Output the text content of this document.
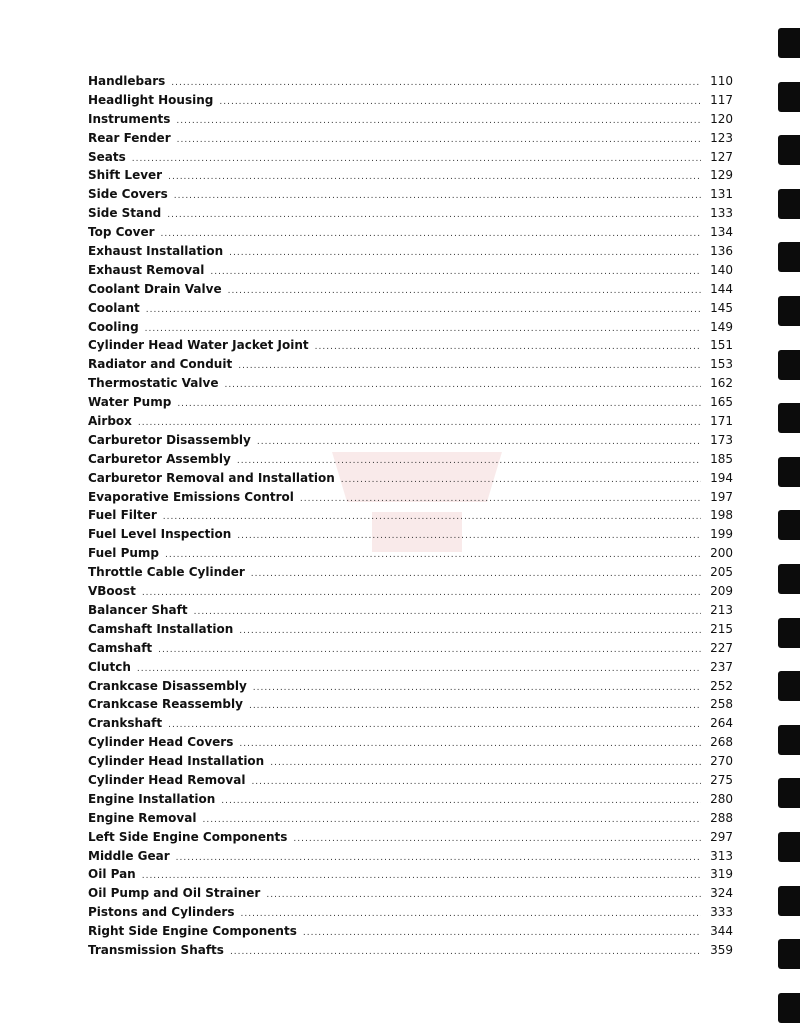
Handlebars .....	110
Headlight Housing .....	117
Instruments .....	120
Rear Fender .....	123
Seats .....	127
Shift Lever .....	129
Side Covers .....	131
Side Stand .....	133
Top Cover .....	134
Exhaust Installation .....	136
Exhaust Removal .....	140
Coolant Drain Valve .....	144
Coolant .....	145
Cooling .....	149
Cylinder Head Water Jacket Joint .....	151
Radiator and Conduit .....	153
Thermostatic Valve .....	162
Water Pump .....	165
Airbox .....	171
Carburetor Disassembly .....	173
Carburetor Assembly .....	185
Carburetor Removal and Installation .....	194
Evaporative Emissions Control .....	197
Fuel Filter .....	198
Fuel Level Inspection .....	199
Fuel Pump .....	200
Throttle Cable Cylinder .....	205
VBoost .....	209
Balancer Shaft .....	213
Camshaft Installation .....	215
Camshaft .....	227
Clutch .....	237
Crankcase Disassembly .....	252
Crankcase Reassembly .....	258
Crankshaft .....	264
Cylinder Head Covers .....	268
Cylinder Head Installation .....	270
Cylinder Head Removal .....	275
Engine Installation .....	280
Engine Removal .....	288
Left Side Engine Components .....	297
Middle Gear .....	313
Oil Pan .....	319
Oil Pump and Oil Strainer .....	324
Pistons and Cylinders .....	333
Right Side Engine Components .....	344
Transmission Shafts .....	359
